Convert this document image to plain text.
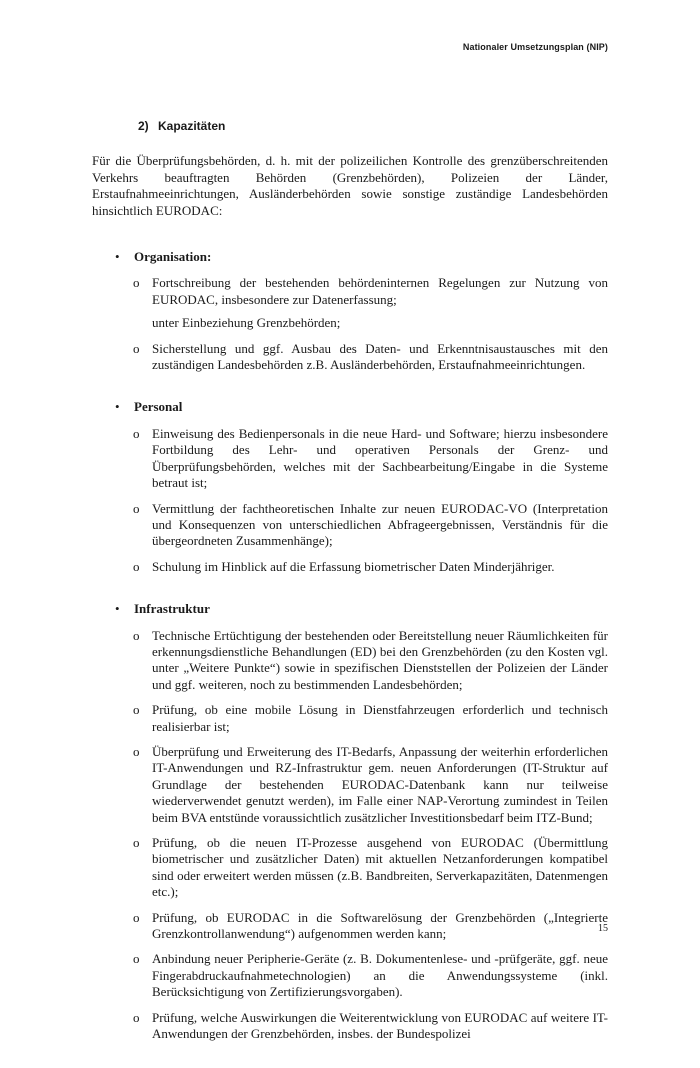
Nationaler Umsetzungsplan (NIP)
2) Kapazitäten

Für die Überprüfungsbehörden, d. h. mit der polizeilichen Kontrolle des grenzüberschreitenden Verkehrs beauftragten Behörden (Grenzbehörden), Polizeien der Länder, Erstaufnahmeeinrichtungen, Ausländerbehörden sowie sonstige zuständige Landesbehörden hinsichtlich EURODAC:

• Organisation:
o Fortschreibung der bestehenden behördeninternen Regelungen zur Nutzung von EURODAC, insbesondere zur Datenerfassung;
unter Einbeziehung Grenzbehörden;
o Sicherstellung und ggf. Ausbau des Daten- und Erkenntnisaustausches mit den zuständigen Landesbehörden z.B. Ausländerbehörden, Erstaufnahmeeinrichtungen.
• Personal
o Einweisung des Bedienpersonals in die neue Hard- und Software; hierzu insbesondere Fortbildung des Lehr- und operativen Personals der Grenz- und Überprüfungsbehörden, welches mit der Sachbearbeitung/Eingabe in die Systeme betraut ist;
o Vermittlung der fachtheoretischen Inhalte zur neuen EURODAC-VO (Interpretation und Konsequenzen von unterschiedlichen Abfrageergebnissen, Verständnis für die übergeordneten Zusammenhänge);
o Schulung im Hinblick auf die Erfassung biometrischer Daten Minderjähriger.
• Infrastruktur
o Technische Ertüchtigung der bestehenden oder Bereitstellung neuer Räumlichkeiten für erkennungsdienstliche Behandlungen (ED) bei den Grenzbehörden (zu den Kosten vgl. unter „Weitere Punkte“) sowie in spezifischen Dienststellen der Polizeien der Länder und ggf. weiteren, noch zu bestimmenden Landesbehörden;
o Prüfung, ob eine mobile Lösung in Dienstfahrzeugen erforderlich und technisch realisierbar ist;
o Überprüfung und Erweiterung des IT-Bedarfs, Anpassung der weiterhin erforderlichen IT-Anwendungen und RZ-Infrastruktur gem. neuen Anforderungen (IT-Struktur auf Grundlage der bestehenden EURODAC-Datenbank kann nur teilweise wiederverwendet genutzt werden), im Falle einer NAP-Verortung zumindest in Teilen beim BVA entstünde voraussichtlich zusätzlicher Investitionsbedarf beim ITZ-Bund;
o Prüfung, ob die neuen IT-Prozesse ausgehend von EURODAC (Übermittlung biometrischer und zusätzlicher Daten) mit aktuellen Netzanforderungen kompatibel sind oder erweitert werden müssen (z.B. Bandbreiten, Serverkapazitäten, Datenmengen etc.);
o Prüfung, ob EURODAC in die Softwarelösung der Grenzbehörden („Integrierte Grenzkontrollanwendung“) aufgenommen werden kann;
o Anbindung neuer Peripherie-Geräte (z. B. Dokumentenlese- und -prüfgeräte, ggf. neue Fingerabdruckaufnahmetechnologien) an die Anwendungssysteme (inkl. Berücksichtigung von Zertifizierungsvorgaben).
o Prüfung, welche Auswirkungen die Weiterentwicklung von EURODAC auf weitere IT-Anwendungen der Grenzbehörden, insbes. der Bundespolizei
15
